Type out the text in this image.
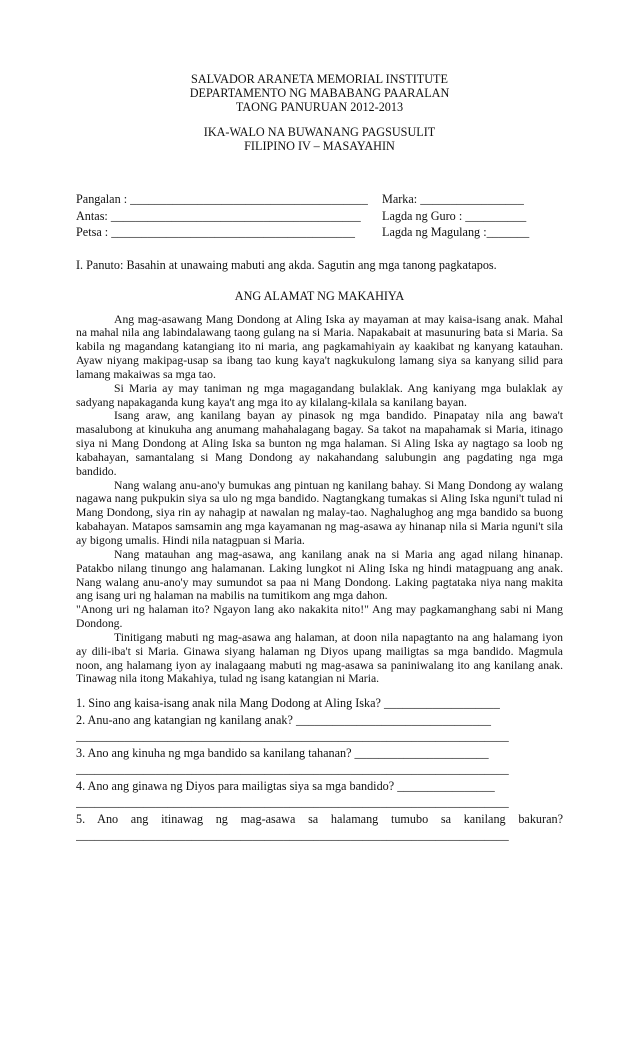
SALVADOR ARANETA MEMORIAL INSTITUTE
DEPARTAMENTO NG MABABANG PAARALAN
TAONG PANURUAN 2012-2013
IKA-WALO NA BUWANANG PAGSUSULIT
FILIPINO IV – MASAYAHIN
Pangalan : _______________________________________	Marka: _________________
Antas: _________________________________________	Lagda ng Guro : __________
Petsa : ________________________________________	Lagda ng Magulang :_______
I. Panuto: Basahin at unawaing mabuti ang akda. Sagutin ang mga tanong pagkatapos.
ANG ALAMAT NG MAKAHIYA

Ang mag-asawang Mang Dondong at Aling Iska ay mayaman at may kaisa-isang anak. Mahal na mahal nila ang labindalawang taong gulang na si Maria. Napakabait at masunuring bata si Maria. Sa kabila ng magandang katangiang ito ni maria, ang pagkamahiyain ay kaakibat ng kanyang katauhan. Ayaw niyang makipag-usap sa ibang tao kung kaya't nagkukulong lamang siya sa kanyang silid para lamang makaiwas sa mga tao.

Si Maria ay may taniman ng mga magagandang bulaklak. Ang kaniyang mga bulaklak ay sadyang napakaganda kung kaya't ang mga ito ay kilalang-kilala sa kanilang bayan.

Isang araw, ang kanilang bayan ay pinasok ng mga bandido. Pinapatay nila ang bawa't masalubong at kinukuha ang anumang mahahalagang bagay. Sa takot na mapahamak si Maria, itinago siya ni Mang Dondong at Aling Iska sa bunton ng mga halaman. Si Aling Iska ay nagtago sa loob ng kabahayan, samantalang si Mang Dondong ay nakahandang salubungin ang pagdating nga mga bandido.

Nang walang anu-ano'y bumukas ang pintuan ng kanilang bahay. Si Mang Dondong ay walang nagawa nang pukpukin siya sa ulo ng mga bandido. Nagtangkang tumakas si Aling Iska nguni't tulad ni Mang Dondong, siya rin ay nahagip at nawalan ng malay-tao. Naghalughog ang mga bandido sa buong kabahayan. Matapos samsamin ang mga kayamanan ng mag-asawa ay hinanap nila si Maria nguni't sila ay bigong umalis. Hindi nila natagpuan si Maria.

Nang matauhan ang mag-asawa, ang kanilang anak na si Maria ang agad nilang hinanap. Patakbo nilang tinungo ang halamanan. Laking lungkot ni Aling Iska ng hindi matagpuang ang anak. Nang walang anu-ano'y may sumundot sa paa ni Mang Dondong. Laking pagtataka niya nang makita ang isang uri ng halaman na mabilis na tumitikom ang mga dahon.

"Anong uri ng halaman ito? Ngayon lang ako nakakita nito!" Ang may pagkamanghang sabi ni Mang Dondong.

Tinitigang mabuti ng mag-asawa ang halaman, at doon nila napagtanto na ang halamang iyon ay dili-iba't si Maria. Ginawa siyang halaman ng Diyos upang mailigtas sa mga bandido. Magmula noon, ang halamang iyon ay inalagaang mabuti ng mag-asawa sa paniniwalang ito ang kanilang anak. Tinawag nila itong Makahiya, tulad ng isang katangian ni Maria.

1. Sino ang kaisa-isang anak nila Mang Dodong at Aling Iska? ___________________
2. Anu-ano ang katangian ng kanilang anak? ________________________________
_______________________________________________________________________
3. Ano ang kinuha ng mga bandido sa kanilang tahanan? ______________________
_______________________________________________________________________
4. Ano ang ginawa ng Diyos para mailigtas siya sa mga bandido? ________________
_______________________________________________________________________
5. Ano ang itinawag ng mag-asawa sa halamang tumubo sa kanilang bakuran?
_______________________________________________________________________
